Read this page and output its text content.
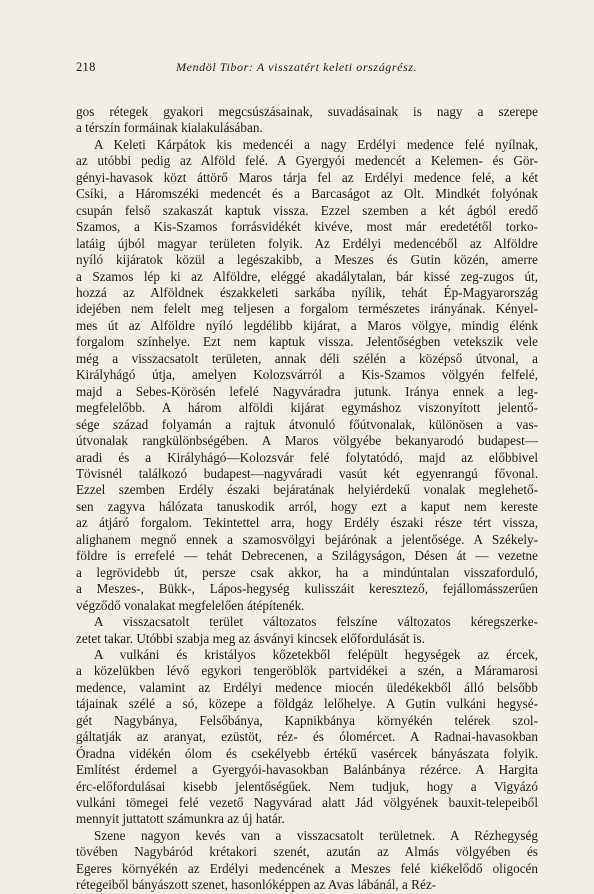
218	Mendöl Tibor: A visszatért keleti országrész.

gos rétegek gyakori megcsúszásainak, suvadásainak is nagy a szerepe
a térszín formáinak kialakulásában.

A Keleti Kárpátok kis medencéi a nagy Erdélyi medence felé nyílnak,
az utóbbi pedig az Alföld felé. A Gyergyói medencét a Kelemen- és Gör-
gényi-havasok közt áttörő Maros tárja fel az Erdélyi medence felé, a két
Csíki, a Háromszéki medencét és a Barcaságot az Olt. Mindkét folyónak
csupán felső szakaszát kaptuk vissza. Ezzel szemben a két ágból eredő
Szamos, a Kis-Szamos forrásvidékét kivéve, most már eredetétől torko-
latáig újból magyar területen folyik. Az Erdélyi medencéből az Alföldre
nyíló kijáratok közül a legészakibb, a Meszes és Gutin közén, amerre
a Szamos lép ki az Alföldre, eléggé akadálytalan, bár kissé zeg-zugos út,
hozzá az Alföldnek északkeleti sarkába nyílik, tehát Ép-Magyarország
idejében nem felelt meg teljesen a forgalom természetes irányának. Kényel-
mes út az Alföldre nyíló legdélibb kijárat, a Maros völgye, mindig élénk
forgalom színhelye. Ezt nem kaptuk vissza. Jelentőségben vetekszik vele
még a visszacsatolt területen, annak déli szélén a középső útvonal, a
Királyhágó útja, amelyen Kolozsvárról a Kis-Szamos völgyén felfelé,
majd a Sebes-Körösén lefelé Nagyváradra jutunk. Iránya ennek a leg-
megfelelőbb. A három alföldi kijárat egymáshoz viszonyított jelentő-
sége század folyamán a rajtuk átvonuló főútvonalak, különösen a vas-
útvonalak rangkülönbségében. A Maros völgyébe bekanyarodó budapest—
aradi és a Királyhágó—Kolozsvár felé folytatódó, majd az előbbivel
Tövisnél találkozó budapest—nagyváradi vasút két egyenrangú fővonal.
Ezzel szemben Erdély északi bejáratának helyiérdekű vonalak meglehető-
sen zagyva hálózata tanuskodik arról, hogy ezt a kaput nem kereste
az átjáró forgalom. Tekintettel arra, hogy Erdély északi része tért vissza,
alighanem megnő ennek a szamosvölgyi bejárónak a jelentősége. A Székely-
földre is errefelé — tehát Debrecenen, a Szilágyságon, Désen át — vezetne
a legrövidebb út, persze csak akkor, ha a mindúntalan visszaforduló,
a Meszes-, Bükk-, Lápos-hegység kulisszáit keresztező, fejállomásszerűen
végződő vonalakat megfelelően átépítenék.

A visszacsatolt terület változatos felszíne változatos kéregszerke-
zetet takar. Utóbbi szabja meg az ásványi kincsek előfordulását is.

A vulkáni és kristályos kőzetekből felépült hegységek az ércek,
a közelükben lévő egykori tengeröblök partvidékei a szén, a Máramarosi
medence, valamint az Erdélyi medence miocén üledékekből álló belsőbb
tájainak szélé a só, közepe a földgáz lelőhelye. A Gutin vulkáni hegysé-
gét Nagybánya, Felsőbánya, Kapnikbánya környékén telérek szol-
gáltatják az aranyat, ezüstöt, réz- és ólomércet. A Radnai-havasokban
Óradna vidékén ólom és csekélyebb értékű vasércek bányászata folyik.
Említést érdemel a Gyergyói-havasokban Balánbánya rézérce. A Hargita
érc-előfordulásai kisebb jelentőségűek. Nem tudjuk, hogy a Vigyázó
vulkáni tömegei felé vezető Nagyvárad alatt Jád völgyének bauxit-telepeiből
mennyit juttatott számunkra az új határ.

Szene nagyon kevés van a visszacsatolt területnek. A Rézhegység
tövében Nagybáród krétakori szenét, azután az Almás völgyében és
Egeres környékén az Erdélyi medencének a Meszes felé kiékelődő oligocén
rétegeiből bányászott szenet, hasonlóképpen az Avas lábánál, a Réz-
